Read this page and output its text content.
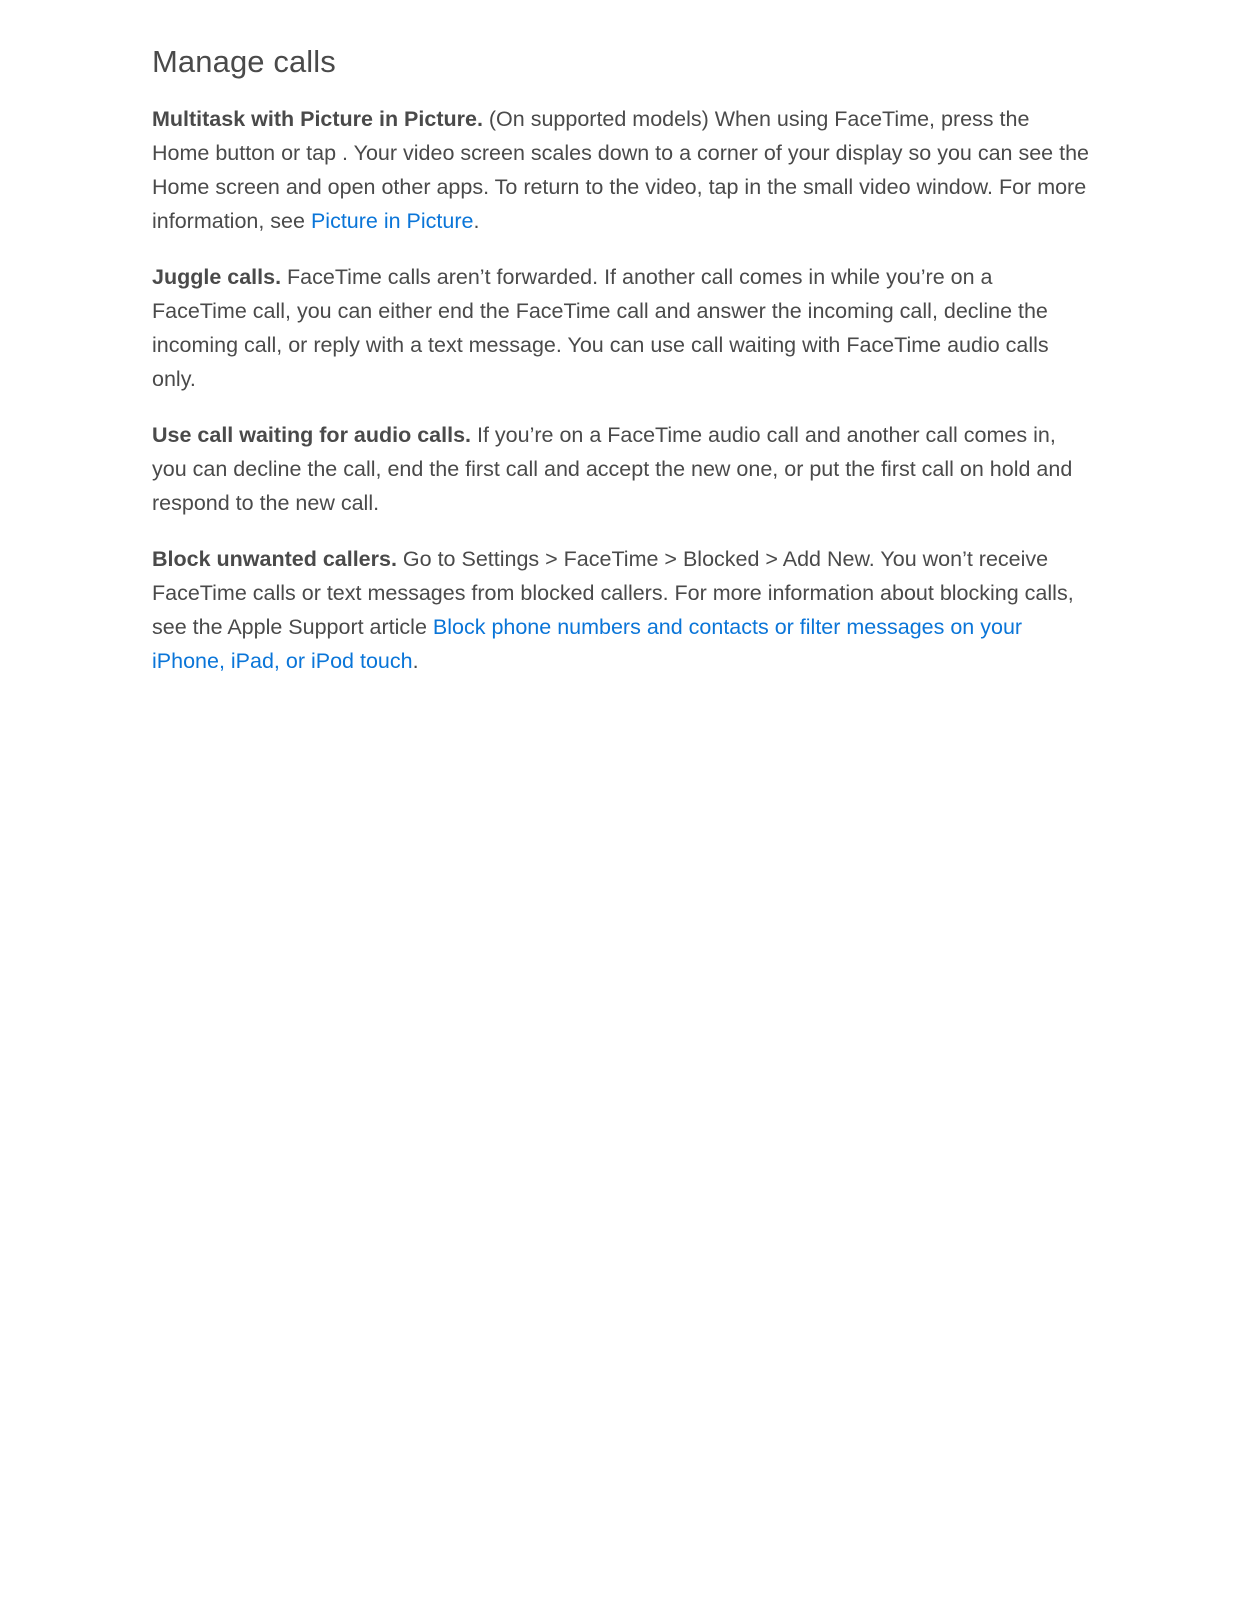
Manage calls

Multitask with Picture in Picture. (On supported models) When using FaceTime, press the Home button or tap . Your video screen scales down to a corner of your display so you can see the Home screen and open other apps. To return to the video, tap in the small video window. For more information, see Picture in Picture.

Juggle calls. FaceTime calls aren’t forwarded. If another call comes in while you’re on a FaceTime call, you can either end the FaceTime call and answer the incoming call, decline the incoming call, or reply with a text message. You can use call waiting with FaceTime audio calls only.

Use call waiting for audio calls. If you’re on a FaceTime audio call and another call comes in, you can decline the call, end the first call and accept the new one, or put the first call on hold and respond to the new call.

Block unwanted callers. Go to Settings > FaceTime > Blocked > Add New. You won’t receive FaceTime calls or text messages from blocked callers. For more information about blocking calls, see the Apple Support article Block phone numbers and contacts or filter messages on your iPhone, iPad, or iPod touch.
